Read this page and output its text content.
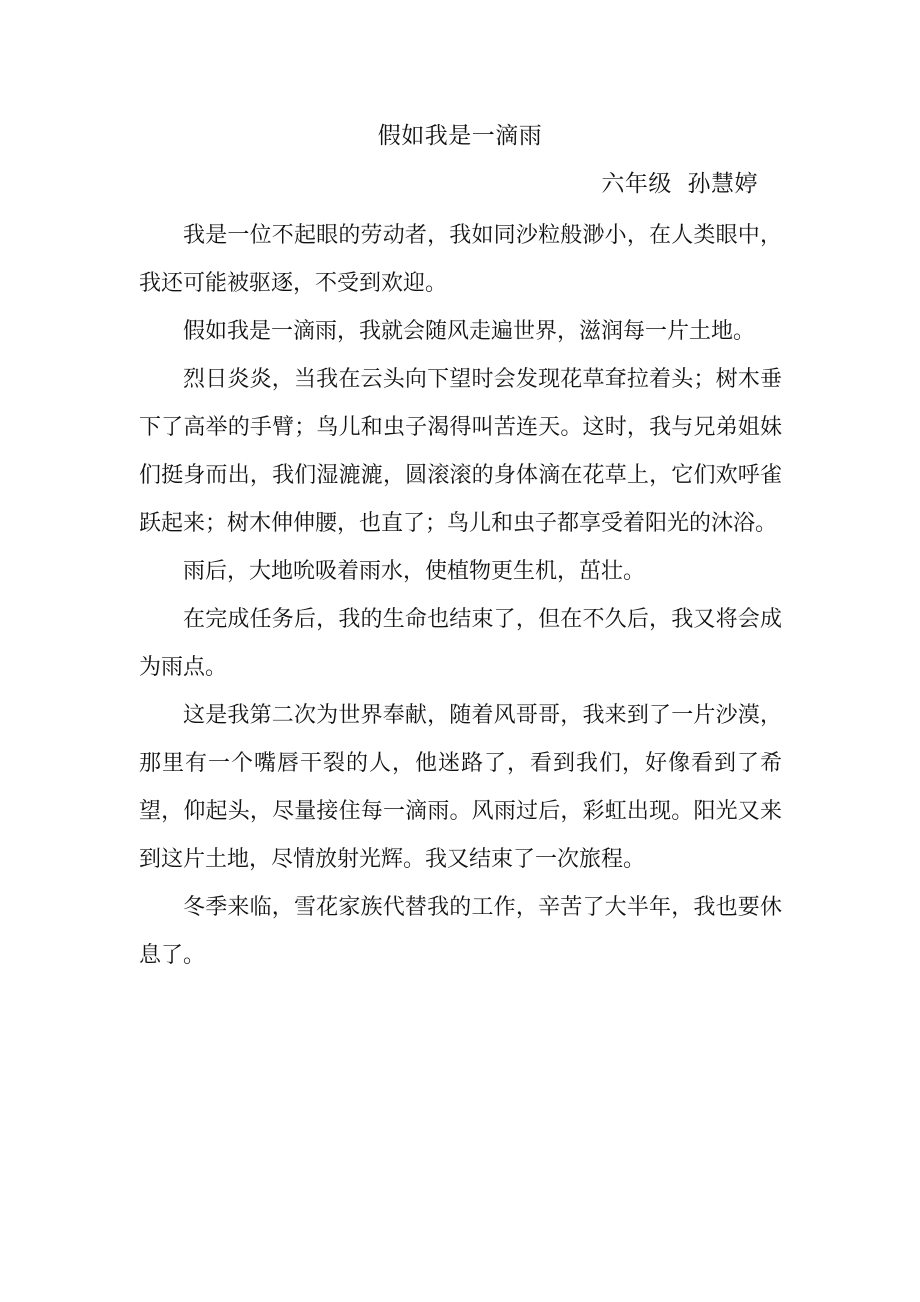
假如我是一滴雨
六年级  孙慧婷

我是一位不起眼的劳动者，我如同沙粒般渺小，在人类眼中，我还可能被驱逐，不受到欢迎。

假如我是一滴雨，我就会随风走遍世界，滋润每一片土地。

烈日炎炎，当我在云头向下望时会发现花草耷拉着头；树木垂下了高举的手臂；鸟儿和虫子渴得叫苦连天。这时，我与兄弟姐妹们挺身而出，我们湿漉漉，圆滚滚的身体滴在花草上，它们欢呼雀跃起来；树木伸伸腰，也直了；鸟儿和虫子都享受着阳光的沐浴。

雨后，大地吮吸着雨水，使植物更生机，茁壮。

在完成任务后，我的生命也结束了，但在不久后，我又将会成为雨点。

这是我第二次为世界奉献，随着风哥哥，我来到了一片沙漠，那里有一个嘴唇干裂的人，他迷路了，看到我们，好像看到了希望，仰起头，尽量接住每一滴雨。风雨过后，彩虹出现。阳光又来到这片土地，尽情放射光辉。我又结束了一次旅程。

冬季来临，雪花家族代替我的工作，辛苦了大半年，我也要休息了。
